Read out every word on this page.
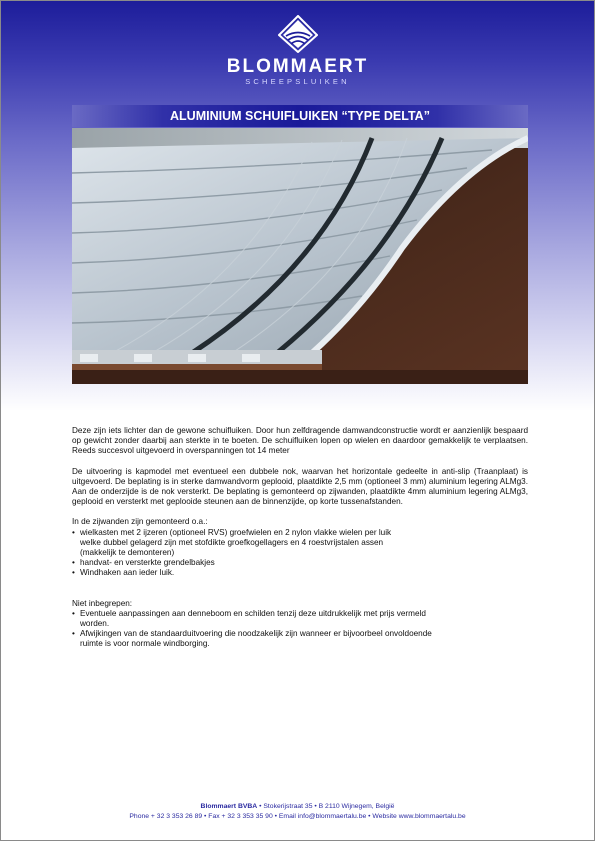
BLOMMAERT
SCHEEPSLUIKEN
ALUMINIUM SCHUIFLUIKEN “TYPE DELTA”

Deze zijn iets lichter dan de gewone schuifluiken. Door hun zelfdragende damwandconstructie wordt er aanzienlijk bespaard op gewicht zonder daarbij aan sterkte in te boeten. De schuifluiken lopen op wielen en daardoor gemakkelijk te verplaatsen. Reeds succesvol uitgevoerd in overspanningen tot 14 meter

De uitvoering is kapmodel met eventueel een dubbele nok, waarvan het horizontale gedeelte in anti-slip (Traanplaat) is uitgevoerd. De beplating is in sterke damwandvorm geplooid, plaatdikte 2,5 mm (optioneel 3 mm) aluminium legering ALMg3. Aan de onderzijde is de nok versterkt. De beplating is gemonteerd op zijwanden, plaatdikte 4mm aluminium legering ALMg3, geplooid en versterkt met geplooide steunen aan de binnenzijde, op korte tussenafstanden.

In de zijwanden zijn gemonteerd o.a.:

• wielkasten met 2 ijzeren (optioneel RVS) groefwielen en 2 nylon vlakke wielen per luik
welke dubbel gelagerd zijn met stofdikte groefkogellagers en 4 roestvrijstalen assen
(makkelijk te demonteren)
• handvat- en versterkte grendelbakjes
• Windhaken aan ieder luik.

Niet inbegrepen:

• Eventuele aanpassingen aan denneboom en schilden tenzij deze uitdrukkelijk met prijs vermeld
worden.
• Afwijkingen van de standaarduitvoering die noodzakelijk zijn wanneer er bijvoorbeel onvoldoende
ruimte is voor normale windborging.
Blommaert BVBA • Stokerijstraat 35 • B 2110 Wijnegem, België
Phone + 32 3 353 26 89 • Fax + 32 3 353 35 90 • Email info@blommaertalu.be • Website www.blommaertalu.be
